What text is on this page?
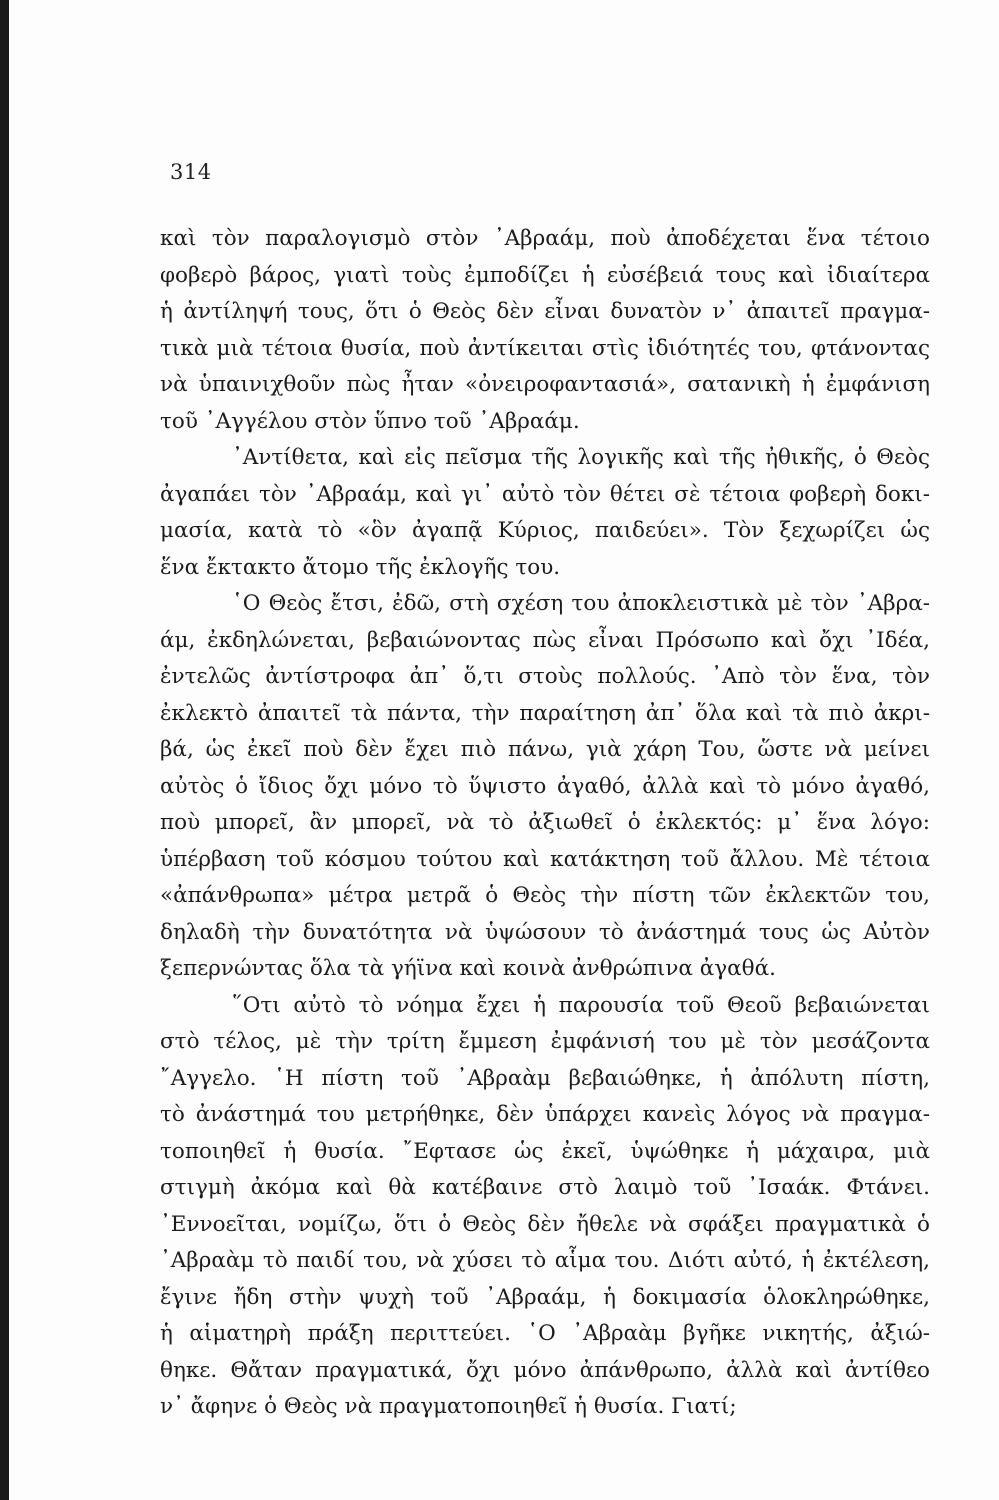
314
καὶ τὸν παραλογισμὸ στὸν ᾿Αβραάμ, ποὺ ἀποδέχεται ἕνα τέτοιο
φοβερὸ βάρος, γιατὶ τοὺς ἐμποδίζει ἡ εὐσέβειά τους καὶ ἰδιαίτερα
ἡ ἀντίληψή τους, ὅτι ὁ Θεὸς δὲν εἶναι δυνατὸν ν᾿ ἀπαιτεῖ πραγμα-
τικὰ μιὰ τέτοια θυσία, ποὺ ἀντίκειται στὶς ἰδιότητές του, φτάνοντας
νὰ ὑπαινιχθοῦν πὼς ἦταν «ὀνειροφαντασιά», σατανικὴ ἡ ἐμφάνιση
τοῦ ᾿Αγγέλου στὸν ὕπνο τοῦ ᾿Αβραάμ.
᾿Αντίθετα, καὶ εἰς πεῖσμα τῆς λογικῆς καὶ τῆς ἠθικῆς, ὁ Θεὸς
ἀγαπάει τὸν ᾿Αβραάμ, καὶ γι᾿ αὐτὸ τὸν θέτει σὲ τέτοια φοβερὴ δοκι-
μασία, κατὰ τὸ «ὃν ἀγαπᾷ Κύριος, παιδεύει». Τὸν ξεχωρίζει ὡς
ἕνα ἔκτακτο ἄτομο τῆς ἐκλογῆς του.
῾Ο Θεὸς ἔτσι, ἐδῶ, στὴ σχέση του ἀποκλειστικὰ μὲ τὸν ᾿Αβρα-
άμ, ἐκδηλώνεται, βεβαιώνοντας πὼς εἶναι Πρόσωπο καὶ ὄχι ᾿Ιδέα,
ἐντελῶς ἀντίστροφα ἀπ᾿ ὅ,τι στοὺς πολλούς. ᾿Απὸ τὸν ἕνα, τὸν
ἐκλεκτὸ ἀπαιτεῖ τὰ πάντα, τὴν παραίτηση ἀπ᾿ ὅλα καὶ τὰ πιὸ ἀκρι-
βά, ὡς ἐκεῖ ποὺ δὲν ἔχει πιὸ πάνω, γιὰ χάρη Του, ὥστε νὰ μείνει
αὐτὸς ὁ ἴδιος ὄχι μόνο τὸ ὕψιστο ἀγαθό, ἀλλὰ καὶ τὸ μόνο ἀγαθό,
ποὺ μπορεῖ, ἂν μπορεῖ, νὰ τὸ ἀξιωθεῖ ὁ ἐκλεκτός: μ᾿ ἕνα λόγο:
ὑπέρβαση τοῦ κόσμου τούτου καὶ κατάκτηση τοῦ ἄλλου. Μὲ τέτοια
«ἀπάνθρωπα» μέτρα μετρᾶ ὁ Θεὸς τὴν πίστη τῶν ἐκλεκτῶν του,
δηλαδὴ τὴν δυνατότητα νὰ ὑψώσουν τὸ ἀνάστημά τους ὡς Αὐτὸν
ξεπερνώντας ὅλα τὰ γήϊνα καὶ κοινὰ ἀνθρώπινα ἀγαθά.
῞Οτι αὐτὸ τὸ νόημα ἔχει ἡ παρουσία τοῦ Θεοῦ βεβαιώνεται
στὸ τέλος, μὲ τὴν τρίτη ἔμμεση ἐμφάνισή του μὲ τὸν μεσάζοντα
῎Αγγελο. ῾Η πίστη τοῦ ᾿Αβραὰμ βεβαιώθηκε, ἡ ἀπόλυτη πίστη,
τὸ ἀνάστημά του μετρήθηκε, δὲν ὑπάρχει κανεὶς λόγος νὰ πραγμα-
τοποιηθεῖ ἡ θυσία. ῎Εφτασε ὡς ἐκεῖ, ὑψώθηκε ἡ μάχαιρα, μιὰ
στιγμὴ ἀκόμα καὶ θὰ κατέβαινε στὸ λαιμὸ τοῦ ᾿Ισαάκ. Φτάνει.
᾿Εννοεῖται, νομίζω, ὅτι ὁ Θεὸς δὲν ἤθελε νὰ σφάξει πραγματικὰ ὁ
᾿Αβραὰμ τὸ παιδί του, νὰ χύσει τὸ αἷμα του. Διότι αὐτό, ἡ ἐκτέλεση,
ἔγινε ἤδη στὴν ψυχὴ τοῦ ᾿Αβραάμ, ἡ δοκιμασία ὁλοκληρώθηκε,
ἡ αἱματηρὴ πράξη περιττεύει. ῾Ο ᾿Αβραὰμ βγῆκε νικητής, ἀξιώ-
θηκε. Θἄταν πραγματικά, ὄχι μόνο ἀπάνθρωπο, ἀλλὰ καὶ ἀντίθεο
ν᾿ ἄφηνε ὁ Θεὸς νὰ πραγματοποιηθεῖ ἡ θυσία. Γιατί;
